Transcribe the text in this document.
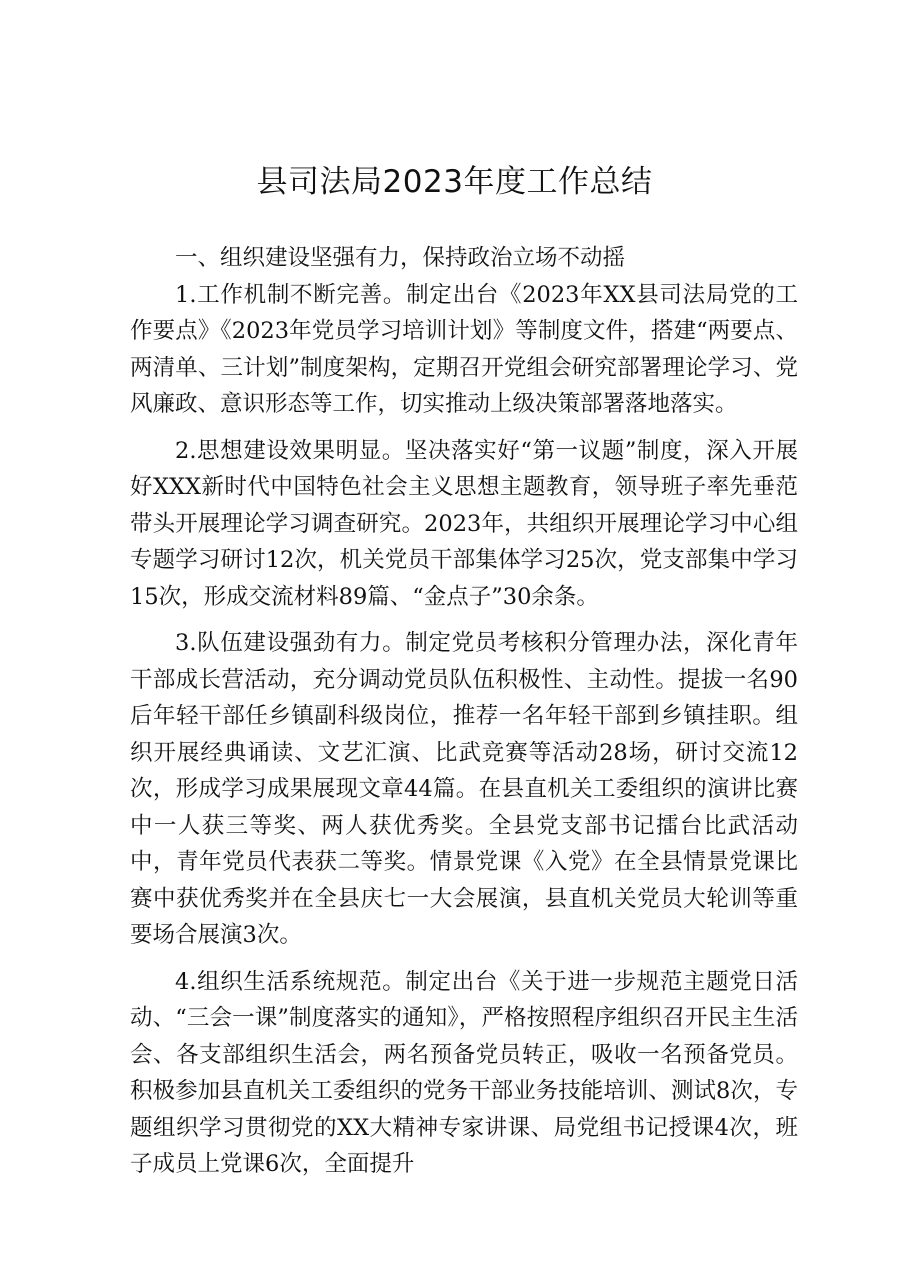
县司法局2023年度工作总结
一、组织建设坚强有力，保持政治立场不动摇

1.工作机制不断完善。制定出台《2023年XX县司法局党的工作要点》《2023年党员学习培训计划》等制度文件，搭建“两要点、两清单、三计划”制度架构，定期召开党组会研究部署理论学习、党风廉政、意识形态等工作，切实推动上级决策部署落地落实。

2.思想建设效果明显。坚决落实好“第一议题”制度，深入开展好XXX新时代中国特色社会主义思想主题教育，领导班子率先垂范带头开展理论学习调查研究。2023年，共组织开展理论学习中心组专题学习研讨12次，机关党员干部集体学习25次，党支部集中学习15次，形成交流材料89篇、“金点子”30余条。

3.队伍建设强劲有力。制定党员考核积分管理办法，深化青年干部成长营活动，充分调动党员队伍积极性、主动性。提拔一名90后年轻干部任乡镇副科级岗位，推荐一名年轻干部到乡镇挂职。组织开展经典诵读、文艺汇演、比武竞赛等活动28场，研讨交流12次，形成学习成果展现文章44篇。在县直机关工委组织的演讲比赛中一人获三等奖、两人获优秀奖。全县党支部书记擂台比武活动中，青年党员代表获二等奖。情景党课《入党》在全县情景党课比赛中获优秀奖并在全县庆七一大会展演，县直机关党员大轮训等重要场合展演3次。

4.组织生活系统规范。制定出台《关于进一步规范主题党日活动、“三会一课”制度落实的通知》，严格按照程序组织召开民主生活会、各支部组织生活会，两名预备党员转正，吸收一名预备党员。积极参加县直机关工委组织的党务干部业务技能培训、测试8次，专题组织学习贯彻党的XX大精神专家讲课、局党组书记授课4次，班子成员上党课6次，全面提升
